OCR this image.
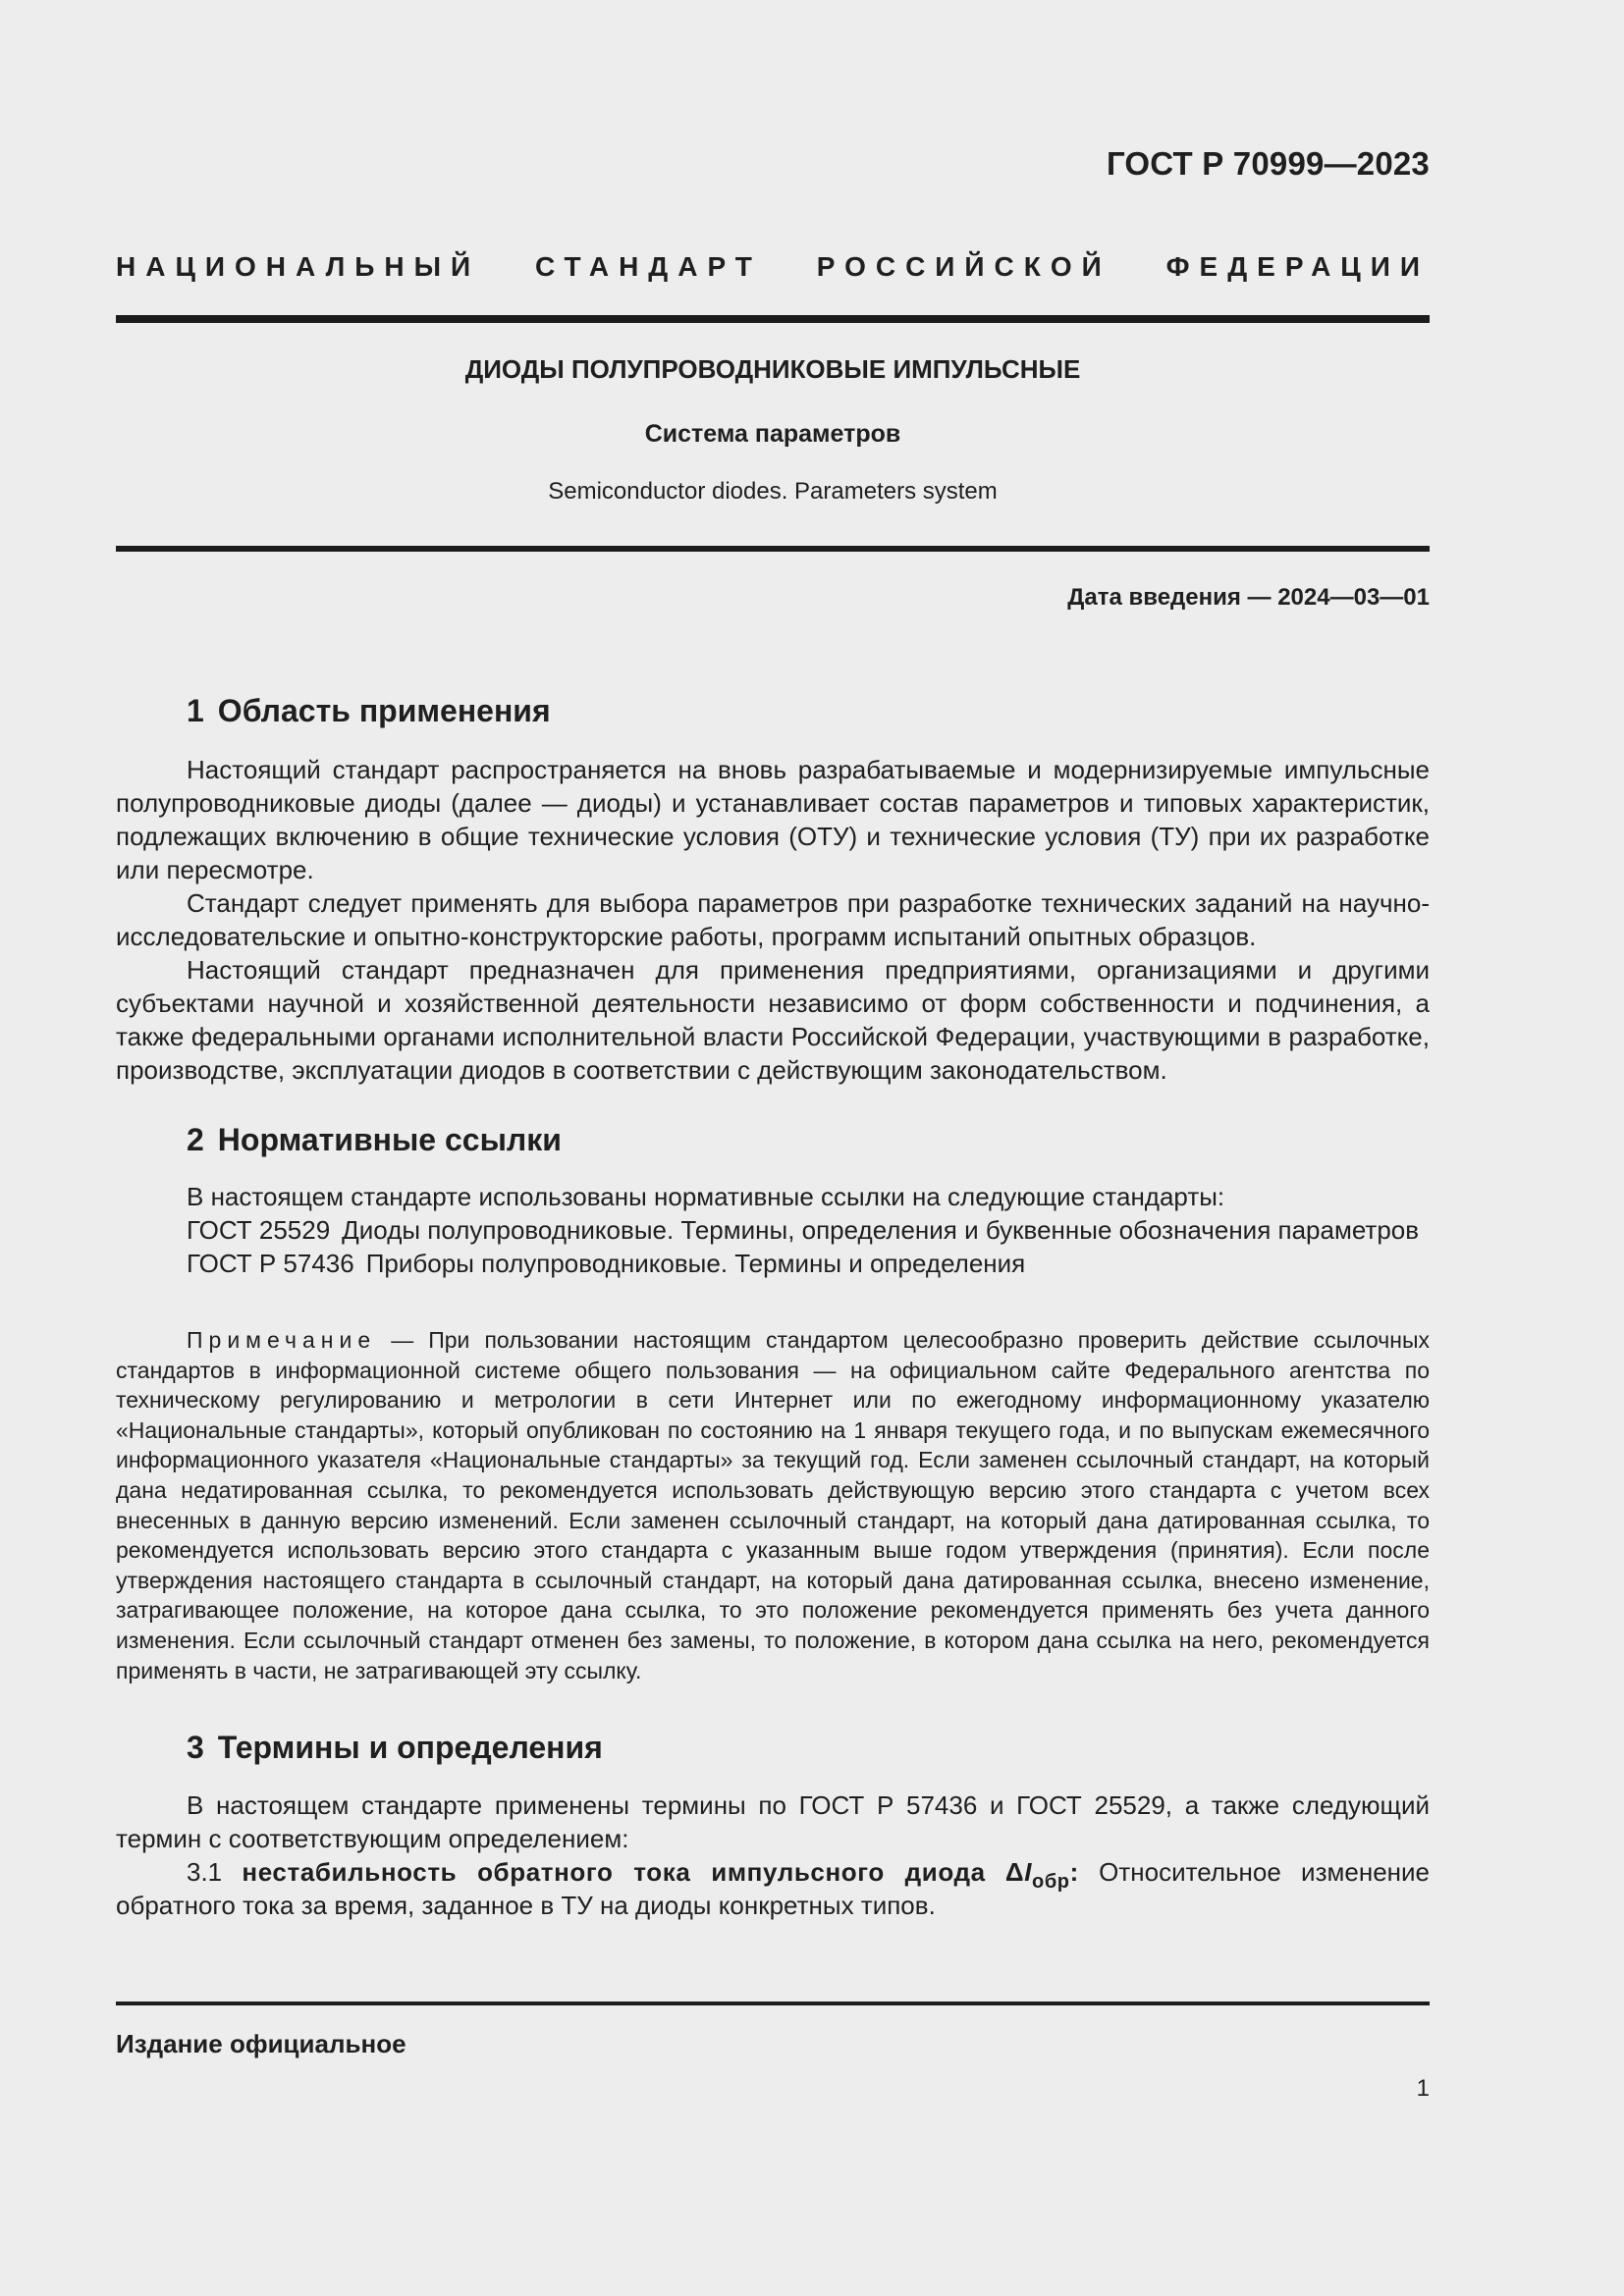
ГОСТ Р 70999—2023
НАЦИОНАЛЬНЫЙ СТАНДАРТ РОССИЙСКОЙ ФЕДЕРАЦИИ
ДИОДЫ ПОЛУПРОВОДНИКОВЫЕ ИМПУЛЬСНЫЕ
Система параметров
Semiconductor diodes. Parameters system
Дата введения — 2024—03—01
1 Область применения

Настоящий стандарт распространяется на вновь разрабатываемые и модернизируемые импульсные полупроводниковые диоды (далее — диоды) и устанавливает состав параметров и типовых характеристик, подлежащих включению в общие технические условия (ОТУ) и технические условия (ТУ) при их разработке или пересмотре.

Стандарт следует применять для выбора параметров при разработке технических заданий на научно-исследовательские и опытно-конструкторские работы, программ испытаний опытных образцов.

Настоящий стандарт предназначен для применения предприятиями, организациями и другими субъектами научной и хозяйственной деятельности независимо от форм собственности и подчинения, а также федеральными органами исполнительной власти Российской Федерации, участвующими в разработке, производстве, эксплуатации диодов в соответствии с действующим законодательством.

2 Нормативные ссылки

В настоящем стандарте использованы нормативные ссылки на следующие стандарты:

ГОСТ 25529 Диоды полупроводниковые. Термины, определения и буквенные обозначения параметров

ГОСТ Р 57436 Приборы полупроводниковые. Термины и определения

Примечание — При пользовании настоящим стандартом целесообразно проверить действие ссылочных стандартов в информационной системе общего пользования — на официальном сайте Федерального агентства по техническому регулированию и метрологии в сети Интернет или по ежегодному информационному указателю «Национальные стандарты», который опубликован по состоянию на 1 января текущего года, и по выпускам ежемесячного информационного указателя «Национальные стандарты» за текущий год. Если заменен ссылочный стандарт, на который дана недатированная ссылка, то рекомендуется использовать действующую версию этого стандарта с учетом всех внесенных в данную версию изменений. Если заменен ссылочный стандарт, на который дана датированная ссылка, то рекомендуется использовать версию этого стандарта с указанным выше годом утверждения (принятия). Если после утверждения настоящего стандарта в ссылочный стандарт, на который дана датированная ссылка, внесено изменение, затрагивающее положение, на которое дана ссылка, то это положение рекомендуется применять без учета данного изменения. Если ссылочный стандарт отменен без замены, то положение, в котором дана ссылка на него, рекомендуется применять в части, не затрагивающей эту ссылку.

3 Термины и определения

В настоящем стандарте применены термины по ГОСТ Р 57436 и ГОСТ 25529, а также следующий термин с соответствующим определением:

3.1 нестабильность обратного тока импульсного диода $\Delta I_{обр}$: Относительное изменение обратного тока за время, заданное в ТУ на диоды конкретных типов.

Издание официальное
1
